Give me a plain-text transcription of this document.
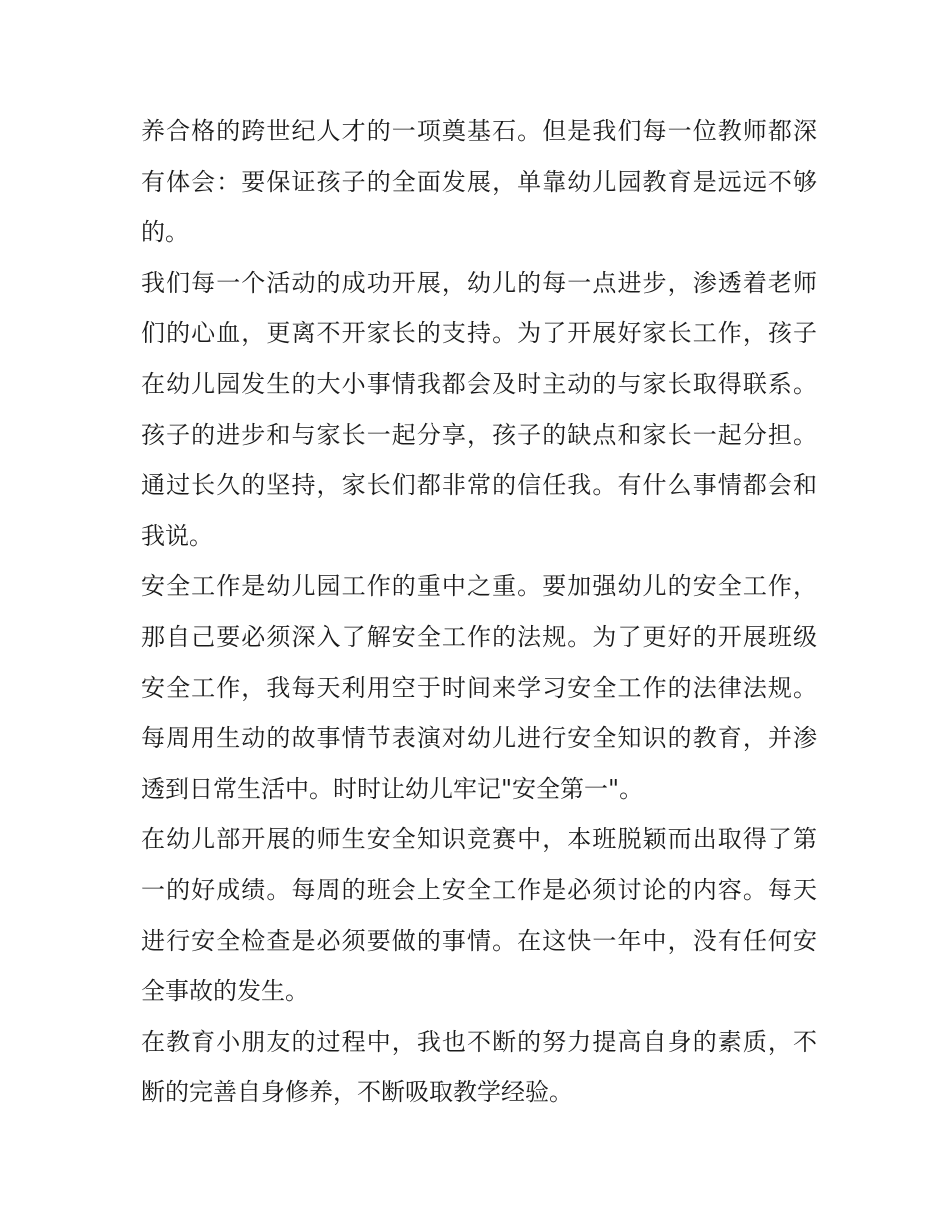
养合格的跨世纪人才的一项奠基石。但是我们每一位教师都深
有体会：要保证孩子的全面发展，单靠幼儿园教育是远远不够
的。
我们每一个活动的成功开展，幼儿的每一点进步，渗透着老师
们的心血，更离不开家长的支持。为了开展好家长工作，孩子
在幼儿园发生的大小事情我都会及时主动的与家长取得联系。
孩子的进步和与家长一起分享，孩子的缺点和家长一起分担。
通过长久的坚持，家长们都非常的信任我。有什么事情都会和
我说。
安全工作是幼儿园工作的重中之重。要加强幼儿的安全工作，
那自己要必须深入了解安全工作的法规。为了更好的开展班级
安全工作，我每天利用空于时间来学习安全工作的法律法规。
每周用生动的故事情节表演对幼儿进行安全知识的教育，并渗
透到日常生活中。时时让幼儿牢记"安全第一"。
在幼儿部开展的师生安全知识竞赛中，本班脱颖而出取得了第
一的好成绩。每周的班会上安全工作是必须讨论的内容。每天
进行安全检查是必须要做的事情。在这快一年中，没有任何安
全事故的发生。
在教育小朋友的过程中，我也不断的努力提高自身的素质，不
断的完善自身修养，不断吸取教学经验。
